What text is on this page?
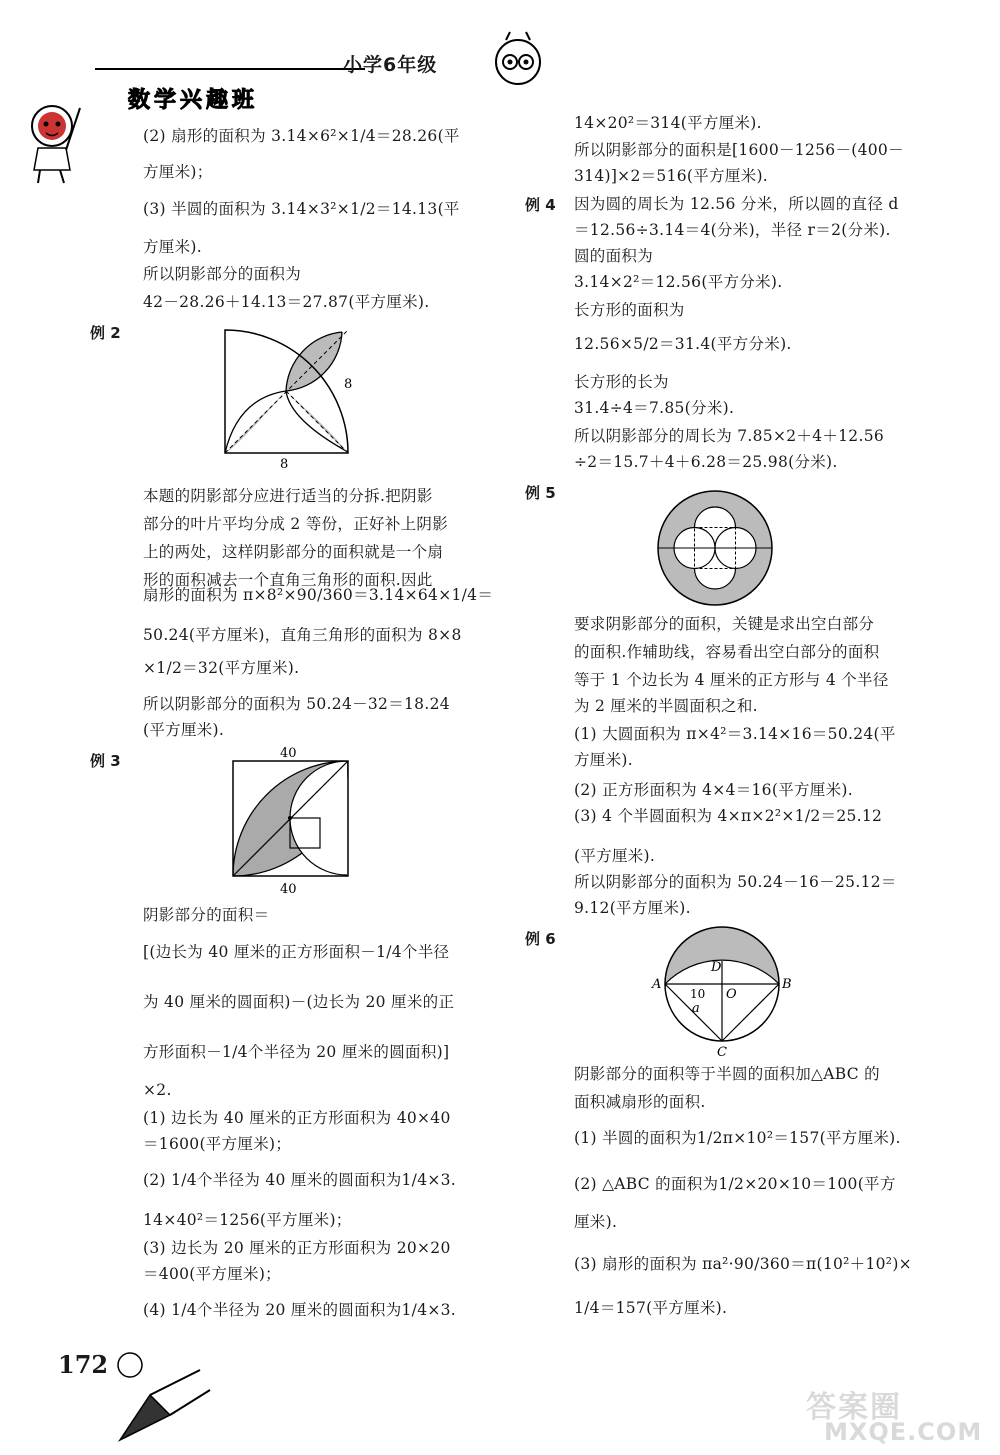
小学6年级
数学兴趣班
(2) 扇形的面积为 3.14×6²×1/4＝28.26(平
方厘米)；
(3) 半圆的面积为 3.14×3²×1/2＝14.13(平
方厘米).
所以阴影部分的面积为
42－28.26＋14.13＝27.87(平方厘米).
例 2
8
8
本题的阴影部分应进行适当的分拆.把阴影
部分的叶片平均分成 2 等份，正好补上阴影
上的两处，这样阴影部分的面积就是一个扇
形的面积减去一个直角三角形的面积.因此
扇形的面积为 π×8²×90/360＝3.14×64×1/4＝
50.24(平方厘米)，直角三角形的面积为 8×8
×1/2＝32(平方厘米).
所以阴影部分的面积为 50.24－32＝18.24
(平方厘米).
例 3	40
40
阴影部分的面积＝
[(边长为 40 厘米的正方形面积－1/4个半径
为 40 厘米的圆面积)－(边长为 20 厘米的正
方形面积－1/4个半径为 20 厘米的圆面积)]
×2.
(1) 边长为 40 厘米的正方形面积为 40×40
＝1600(平方厘米)；
(2) 1/4个半径为 40 厘米的圆面积为1/4×3.
14×40²＝1256(平方厘米)；
(3) 边长为 20 厘米的正方形面积为 20×20
＝400(平方厘米)；
(4) 1/4个半径为 20 厘米的圆面积为1/4×3.
14×20²＝314(平方厘米).
所以阴影部分的面积是[1600－1256－(400－
314)]×2＝516(平方厘米).
例 4 因为圆的周长为 12.56 分米，所以圆的直径 d
＝12.56÷3.14＝4(分米)，半径 r＝2(分米).
圆的面积为
3.14×2²＝12.56(平方分米).
长方形的面积为
12.56×5/2＝31.4(平方分米).
长方形的长为
31.4÷4＝7.85(分米).
所以阴影部分的周长为 7.85×2＋4＋12.56
÷2＝15.7＋4＋6.28＝25.98(分米).
例 5
要求阴影部分的面积，关键是求出空白部分
的面积.作辅助线，容易看出空白部分的面积
等于 1 个边长为 4 厘米的正方形与 4 个半径
为 2 厘米的半圆面积之和.
(1) 大圆面积为 π×4²＝3.14×16＝50.24(平
方厘米).
(2) 正方形面积为 4×4＝16(平方厘米).
(3) 4 个半圆面积为 4×π×2²×1/2＝25.12
(平方厘米).
所以阴影部分的面积为 50.24－16－25.12＝
9.12(平方厘米).
例 6
A	B
C
D
O
10
a
阴影部分的面积等于半圆的面积加△ABC 的
面积减扇形的面积.
(1) 半圆的面积为1/2π×10²＝157(平方厘米).
(2) △ABC 的面积为1/2×20×10＝100(平方
厘米).
(3) 扇形的面积为 πa²·90/360＝π(10²＋10²)×
1/4＝157(平方厘米).
172
答案圈
MXQE.COM
